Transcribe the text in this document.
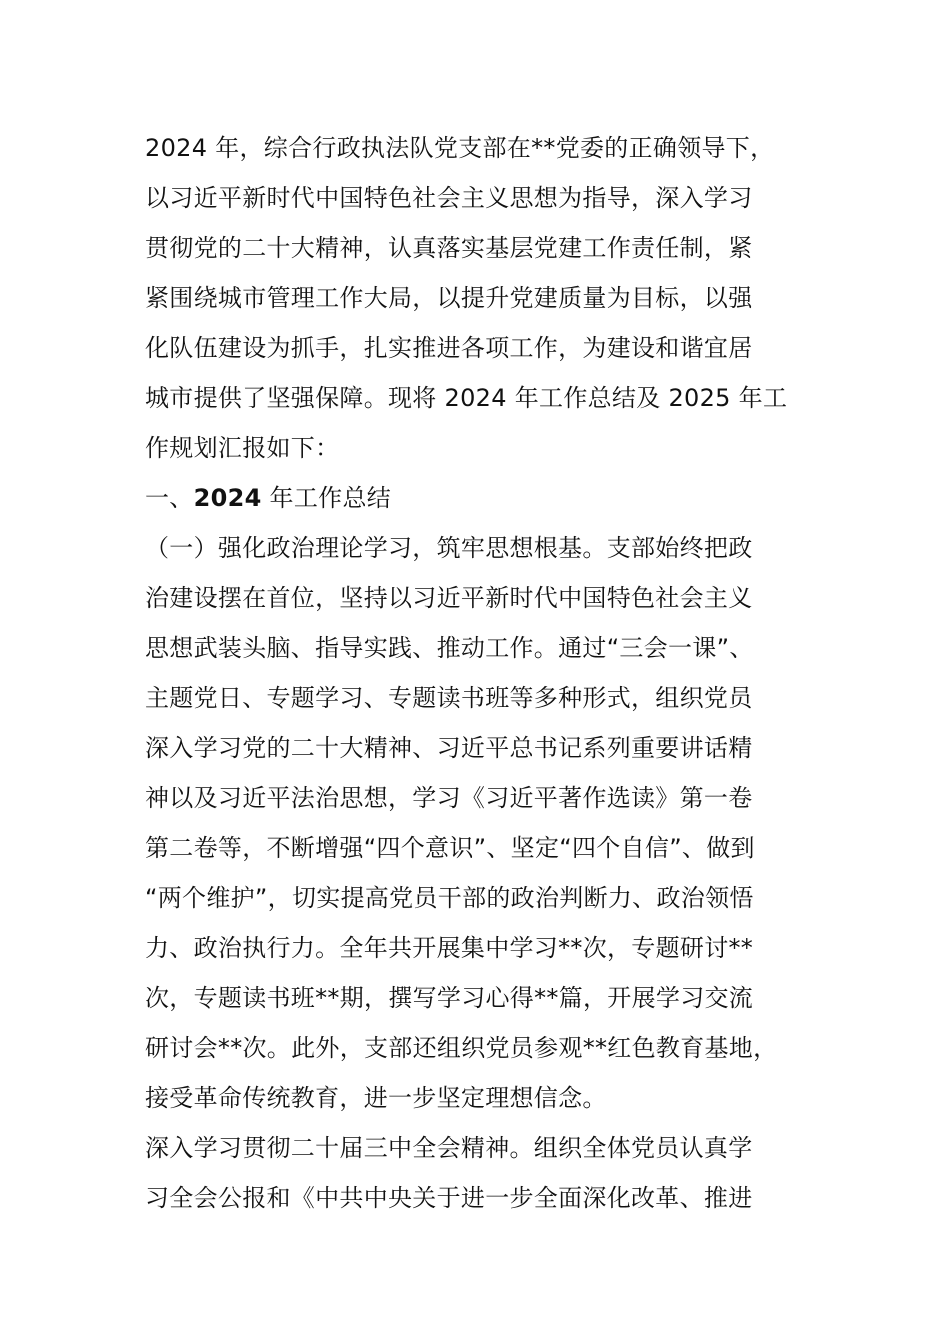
2024 年，综合行政执法队党支部在**党委的正确领导下，
以习近平新时代中国特色社会主义思想为指导，深入学习
贯彻党的二十大精神，认真落实基层党建工作责任制，紧
紧围绕城市管理工作大局，以提升党建质量为目标，以强
化队伍建设为抓手，扎实推进各项工作，为建设和谐宜居
城市提供了坚强保障。现将 2024 年工作总结及 2025 年工
作规划汇报如下：
一、2024 年工作总结
（一）强化政治理论学习，筑牢思想根基。支部始终把政
治建设摆在首位，坚持以习近平新时代中国特色社会主义
思想武装头脑、指导实践、推动工作。通过“三会一课”、
主题党日、专题学习、专题读书班等多种形式，组织党员
深入学习党的二十大精神、习近平总书记系列重要讲话精
神以及习近平法治思想，学习《习近平著作选读》第一卷
第二卷等，不断增强“四个意识”、坚定“四个自信”、做到
“两个维护”，切实提高党员干部的政治判断力、政治领悟
力、政治执行力。全年共开展集中学习**次，专题研讨**
次，专题读书班**期，撰写学习心得**篇，开展学习交流
研讨会**次。此外，支部还组织党员参观**红色教育基地，
接受革命传统教育，进一步坚定理想信念。
深入学习贯彻二十届三中全会精神。组织全体党员认真学
习全会公报和《中共中央关于进一步全面深化改革、推进
